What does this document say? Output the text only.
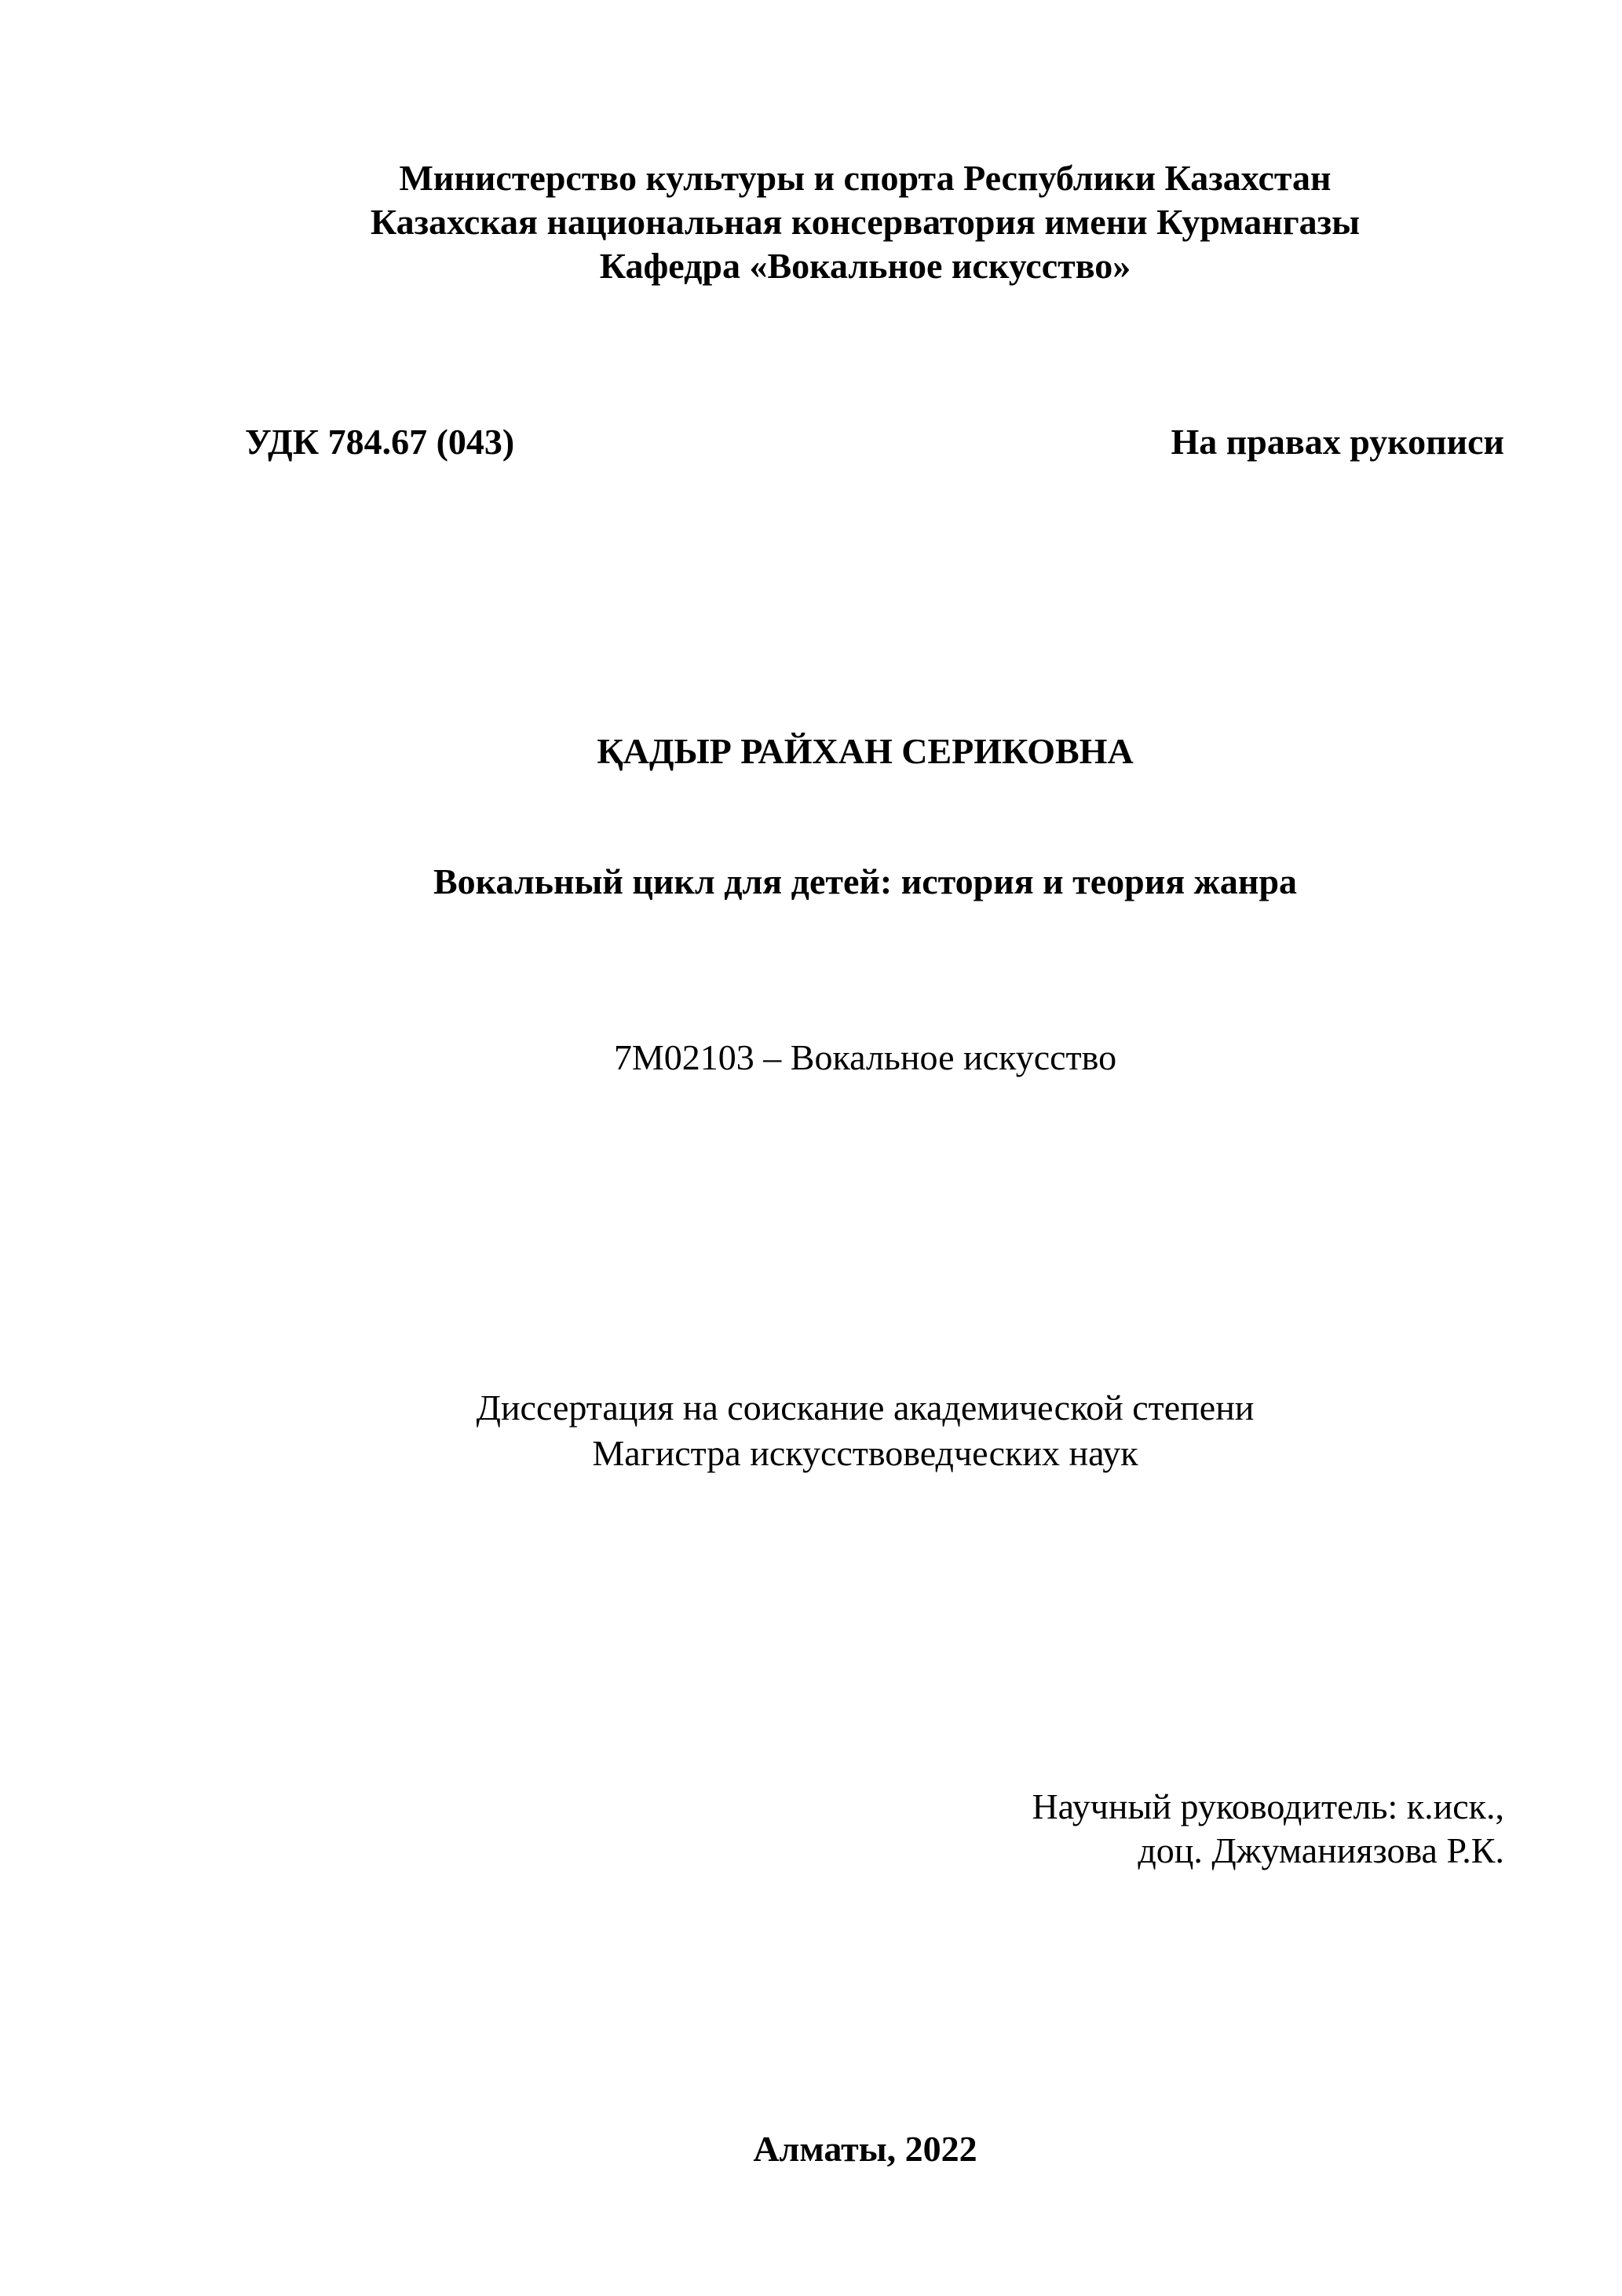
Министерство культуры и спорта Республики Казахстан
Казахская национальная консерватория имени Курмангазы
Кафедра «Вокальное искусство»
УДК 784.67 (043)	На правах рукописи
ҚАДЫР РАЙХАН СЕРИКОВНА
Вокальный цикл для детей: история и теория жанра
7М02103 – Вокальное искусство
Диссертация на соискание академической степени
Магистра искусствоведческих наук
Научный руководитель: к.иск.,
доц. Джуманиязова Р.К.
Алматы, 2022
